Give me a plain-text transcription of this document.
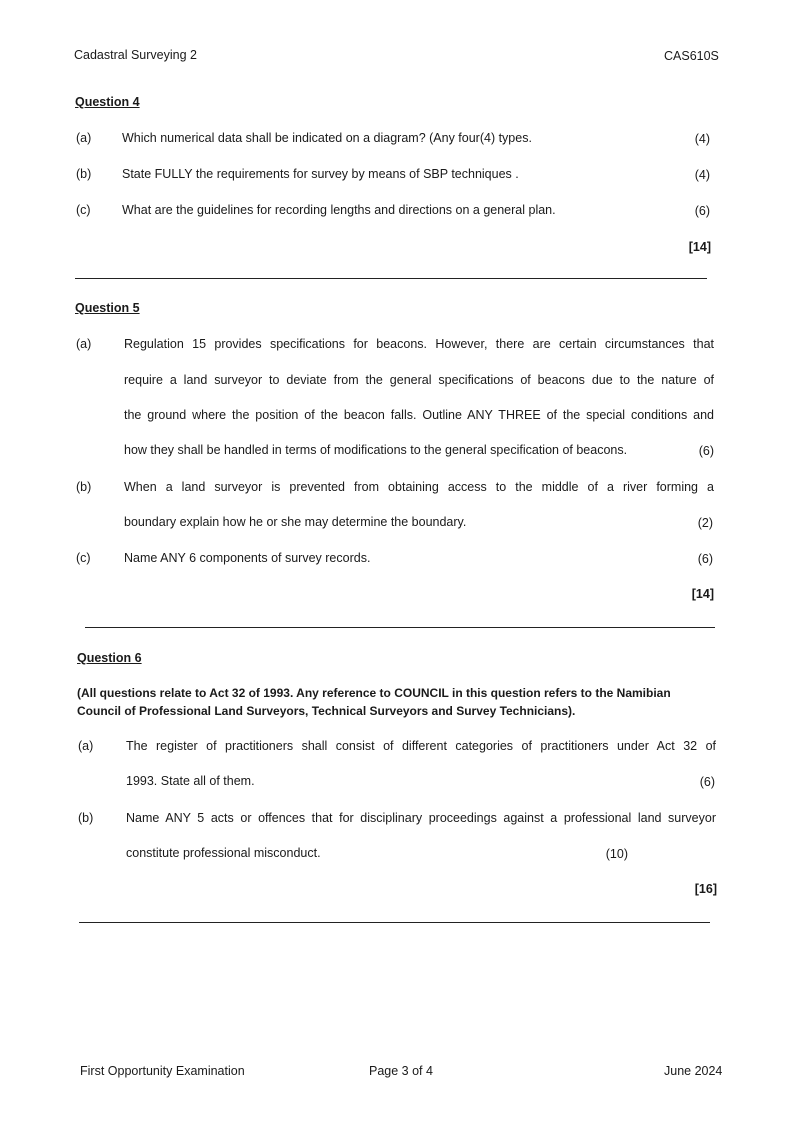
Cadastral Surveying 2	CAS610S
Question 4
(a) Which numerical data shall be indicated on a diagram? (Any four(4) types.	(4)
(b) State FULLY the requirements for survey by means of SBP techniques .	(4)
(c)	What are the guidelines for recording lengths and directions on a general plan.	(6)
[14]
Question 5
(a)	Regulation 15 provides specifications for beacons. However, there are certain circumstances that
require a land surveyor to deviate from the general specifications of beacons due to the nature of
the ground where the position of the beacon falls. Outline ANY THREE of the special conditions and
how they shall be handled in terms of modifications to the general specification of beacons.	(6)
(b)	When a land surveyor is prevented from obtaining access to the middle of a river forming a
boundary explain how he or she may determine the boundary.	(2)
(c)	Name ANY 6 components of survey records.	(6)
[14]
Question 6
(All questions relate to Act 32 of 1993. Any reference to COUNCIL in this question refers to the Namibian Council of Professional Land Surveyors, Technical Surveyors and Survey Technicians).
(a)	The register of practitioners shall consist of different categories of practitioners under Act 32 of
1993. State all of them.	(6)
(b)	Name ANY 5 acts or offences that for disciplinary proceedings against a professional land surveyor
constitute professional misconduct.	(10)
[16]
First Opportunity Examination	Page 3 of 4	June 2024
